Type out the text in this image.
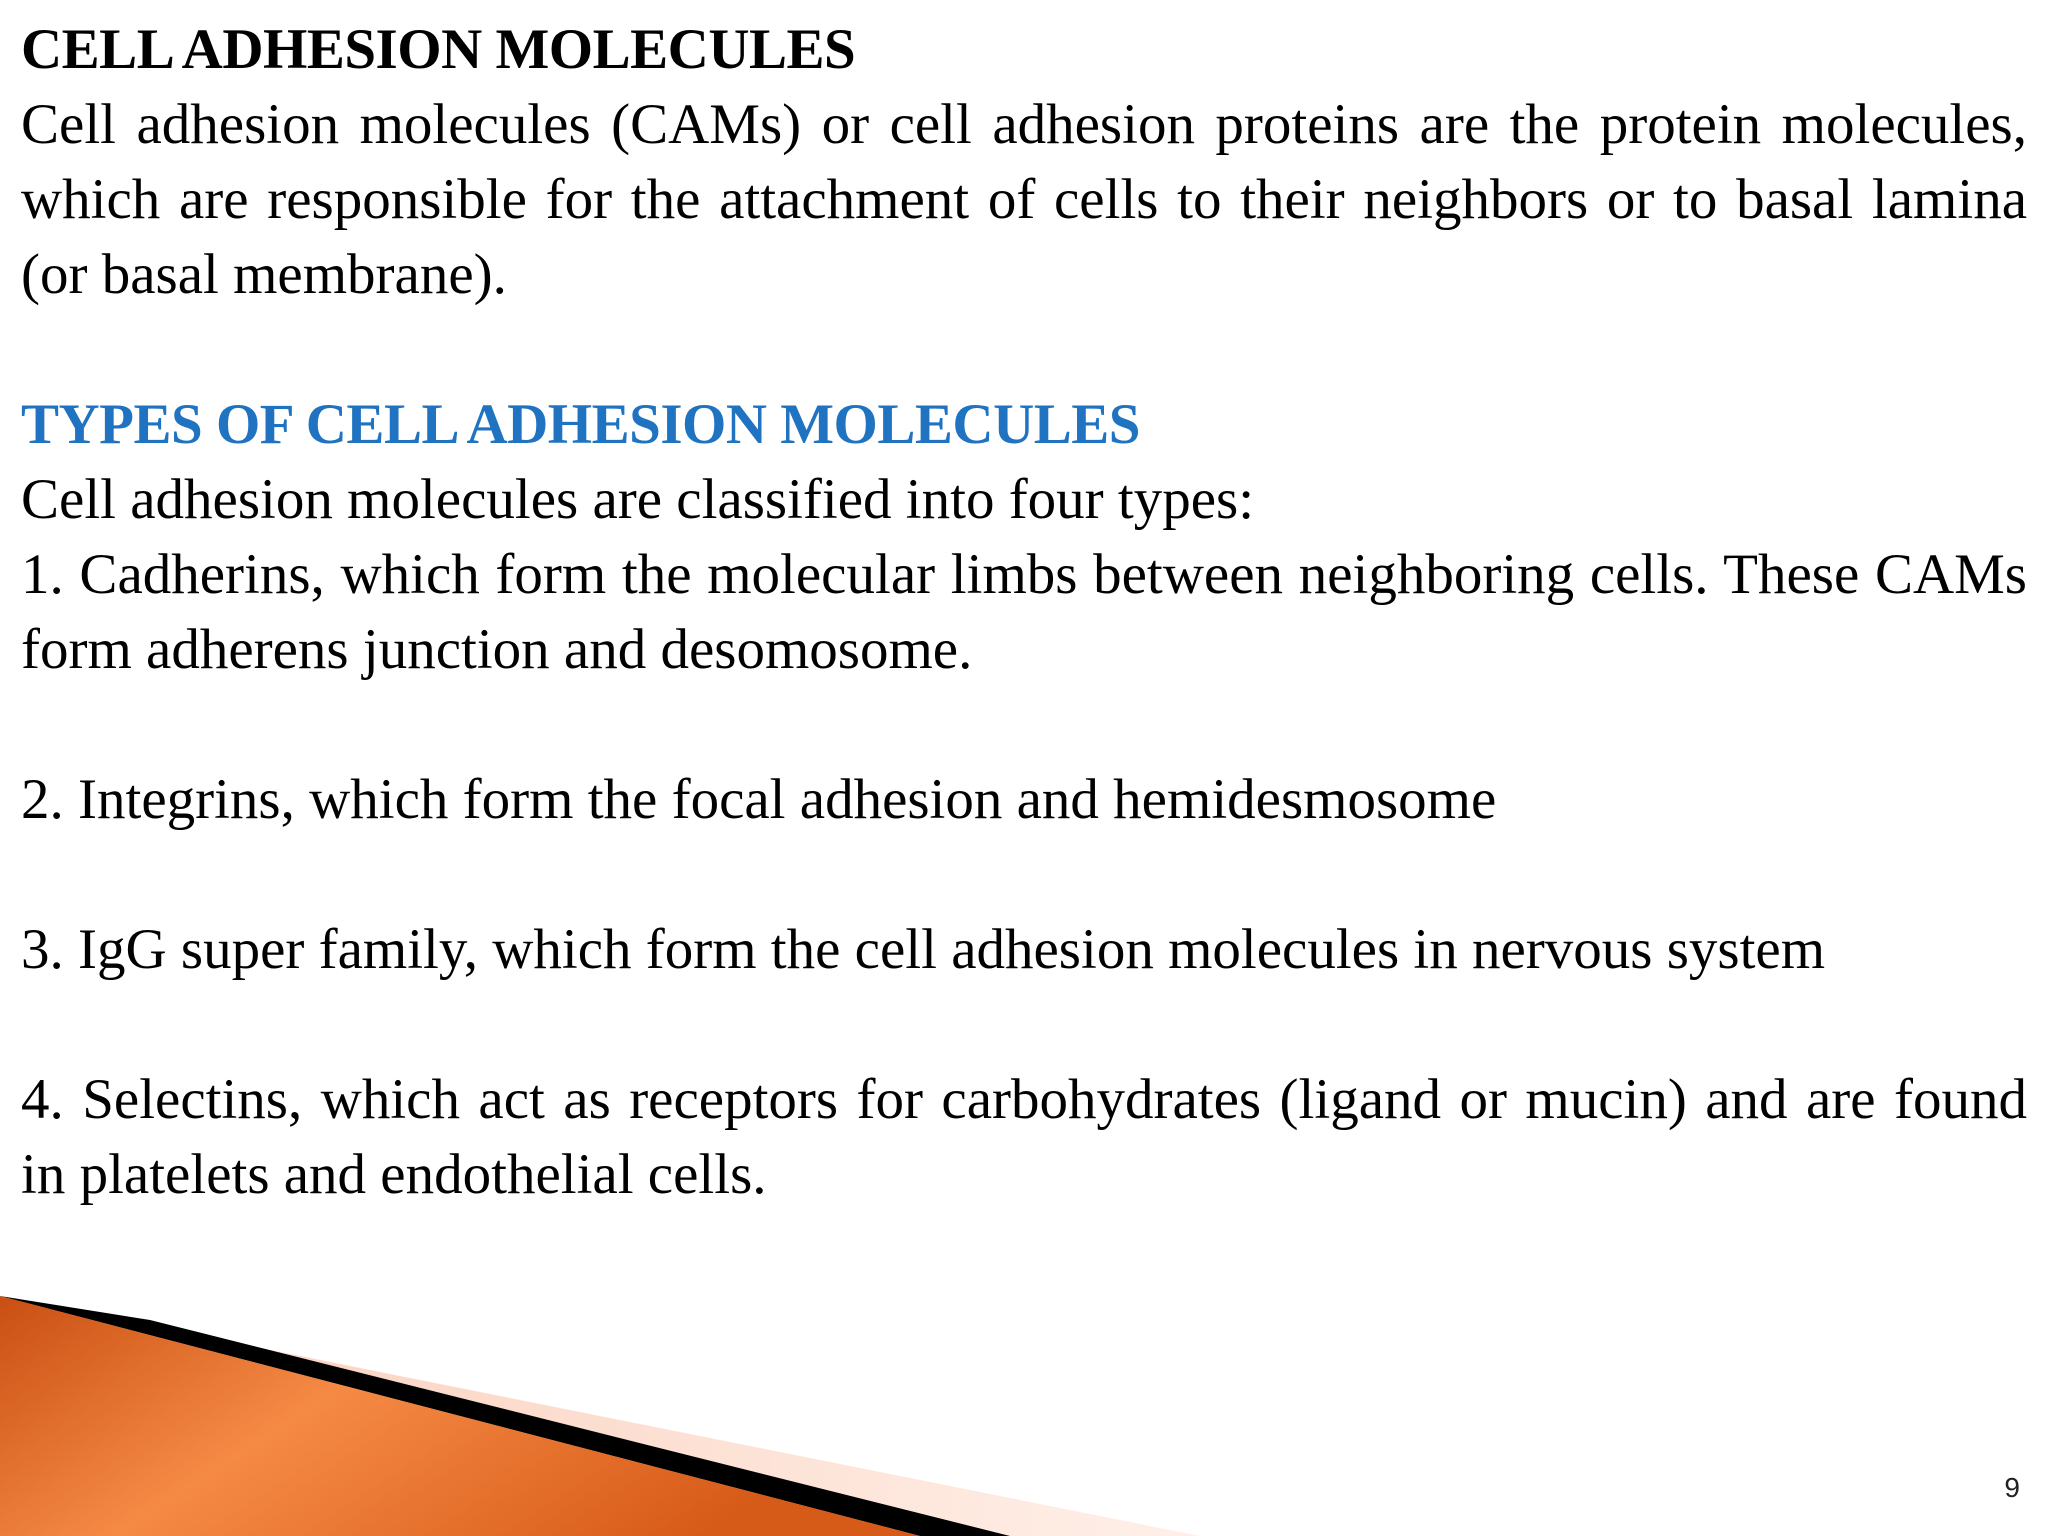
CELL ADHESION MOLECULES

Cell adhesion molecules (CAMs) or cell adhesion proteins are the protein molecules, which are responsible for the attachment of cells to their neighbors or to basal lamina (or basal membrane).

TYPES OF CELL ADHESION MOLECULES

Cell adhesion molecules are classified into four types:

1. Cadherins, which form the molecular limbs between neighboring cells. These CAMs form adherens junction and desomosome.

2. Integrins, which form the focal adhesion and hemidesmosome

3. IgG super family, which form the cell adhesion molecules in nervous system

4. Selectins, which act as receptors for carbohydrates (ligand or mucin) and are found in platelets and endothelial cells.

9
